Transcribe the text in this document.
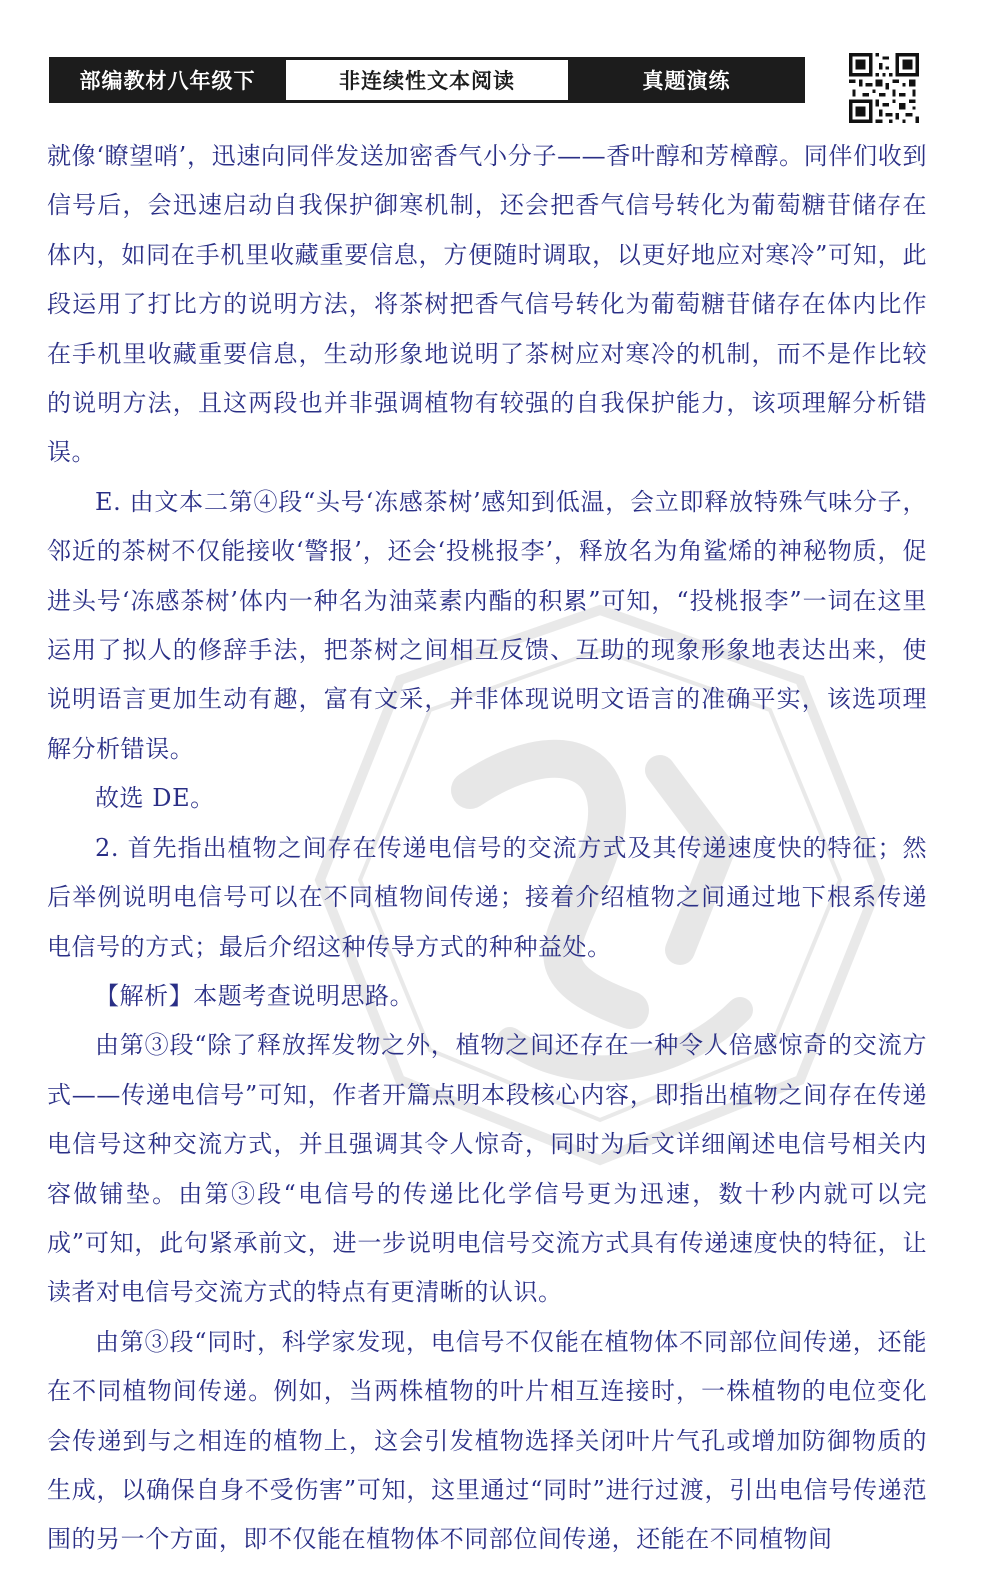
部编教材八年级下	非连续性文本阅读	真题演练

就像‘瞭望哨’，迅速向同伴发送加密香气小分子——香叶醇和芳樟醇。同伴们收到信号后，会迅速启动自我保护御寒机制，还会把香气信号转化为葡萄糖苷储存在体内，如同在手机里收藏重要信息，方便随时调取，以更好地应对寒冷”可知，此段运用了打比方的说明方法，将茶树把香气信号转化为葡萄糖苷储存在体内比作在手机里收藏重要信息，生动形象地说明了茶树应对寒冷的机制，而不是作比较的说明方法，且这两段也并非强调植物有较强的自我保护能力，该项理解分析错误。

E. 由文本二第④段“头号‘冻感茶树’感知到低温，会立即释放特殊气味分子，邻近的茶树不仅能接收‘警报’，还会‘投桃报李’，释放名为角鲨烯的神秘物质，促进头号‘冻感茶树’体内一种名为油菜素内酯的积累”可知，“投桃报李”一词在这里运用了拟人的修辞手法，把茶树之间相互反馈、互助的现象形象地表达出来，使说明语言更加生动有趣，富有文采，并非体现说明文语言的准确平实，该选项理解分析错误。

故选 DE。

2. 首先指出植物之间存在传递电信号的交流方式及其传递速度快的特征；然后举例说明电信号可以在不同植物间传递；接着介绍植物之间通过地下根系传递电信号的方式；最后介绍这种传导方式的种种益处。

【解析】本题考查说明思路。

由第③段“除了释放挥发物之外，植物之间还存在一种令人倍感惊奇的交流方式——传递电信号”可知，作者开篇点明本段核心内容，即指出植物之间存在传递电信号这种交流方式，并且强调其令人惊奇，同时为后文详细阐述电信号相关内容做铺垫。由第③段“电信号的传递比化学信号更为迅速，数十秒内就可以完成”可知，此句紧承前文，进一步说明电信号交流方式具有传递速度快的特征，让读者对电信号交流方式的特点有更清晰的认识。

由第③段“同时，科学家发现，电信号不仅能在植物体不同部位间传递，还能在不同植物间传递。例如，当两株植物的叶片相互连接时，一株植物的电位变化会传递到与之相连的植物上，这会引发植物选择关闭叶片气孔或增加防御物质的生成，以确保自身不受伤害”可知，这里通过“同时”进行过渡，引出电信号传递范围的另一个方面，即不仅能在植物体不同部位间传递，还能在不同植物间
